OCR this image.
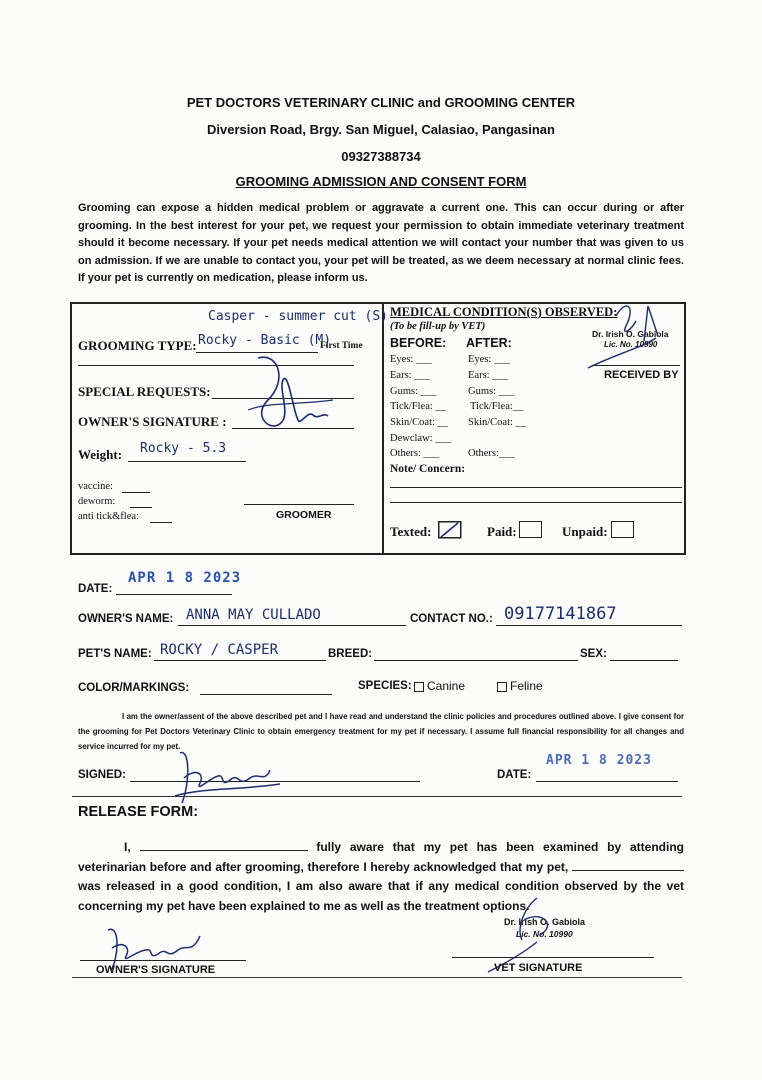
PET DOCTORS VETERINARY CLINIC and GROOMING CENTER
Diversion Road, Brgy. San Miguel, Calasiao, Pangasinan
09327388734
GROOMING ADMISSION AND CONSENT FORM
Grooming can expose a hidden medical problem or aggravate a current one. This can occur during or after grooming. In the best interest for your pet, we request your permission to obtain immediate veterinary treatment should it become necessary. If your pet needs medical attention we will contact your number that was given to us on admission. If we are unable to contact you, your pet will be treated, as we deem necessary at normal clinic fees. If your pet is currently on medication, please inform us.
Casper - summer cut (S)
GROOMING TYPE: Rocky - Basic (M)
First Time
SPECIAL REQUESTS:
OWNER'S SIGNATURE :
Weight: Rocky - 5.3
vaccine:
deworm:
anti tick&flea:	GROOMER
MEDICAL CONDITION(S) OBSERVED:
(To be fill-up by VET)
BEFORE: AFTER:
Eyes: ___	Eyes: ___
Ears: ___	Ears: ___
Gums: ___	Gums: ___
Tick/Flea: __ Tick/Flea:__
Skin/Coat: __ Skin/Coat: __
Dewclaw: ___
Others: ___	Others:___
Note/ Concern:
Dr. Irish O. Gabiola
Lic. No. 10990
RECEIVED BY
Texted:	Paid:	Unpaid:
DATE:
APR 1 8 2023
OWNER'S NAME: ANNA MAY CULLADO	CONTACT NO.: 09177141867
PET'S NAME: ROCKY / CASPER	BREED:	SEX:
COLOR/MARKINGS:	SPECIES: Canine	Feline
I am the owner/assent of the above described pet and I have read and understand the clinic policies and procedures outlined above. I give consent for the grooming for Pet Doctors Veterinary Clinic to obtain emergency treatment for my pet if necessary. I assume full financial responsibility for all changes and service incurred for my pet.
SIGNED:	DATE:
APR 1 8 2023
RELEASE FORM:
I,	fully aware that my pet has been examined by attending veterinarian before and after grooming, therefore I hereby acknowledged that my pet,  was released in a good condition, I am also aware that if any medical condition observed by the vet concerning my pet have been explained to me as well as the treatment options.
Dr. Irish O. Gabiola
Lic. No. 10990
OWNER'S SIGNATURE	VET SIGNATURE
